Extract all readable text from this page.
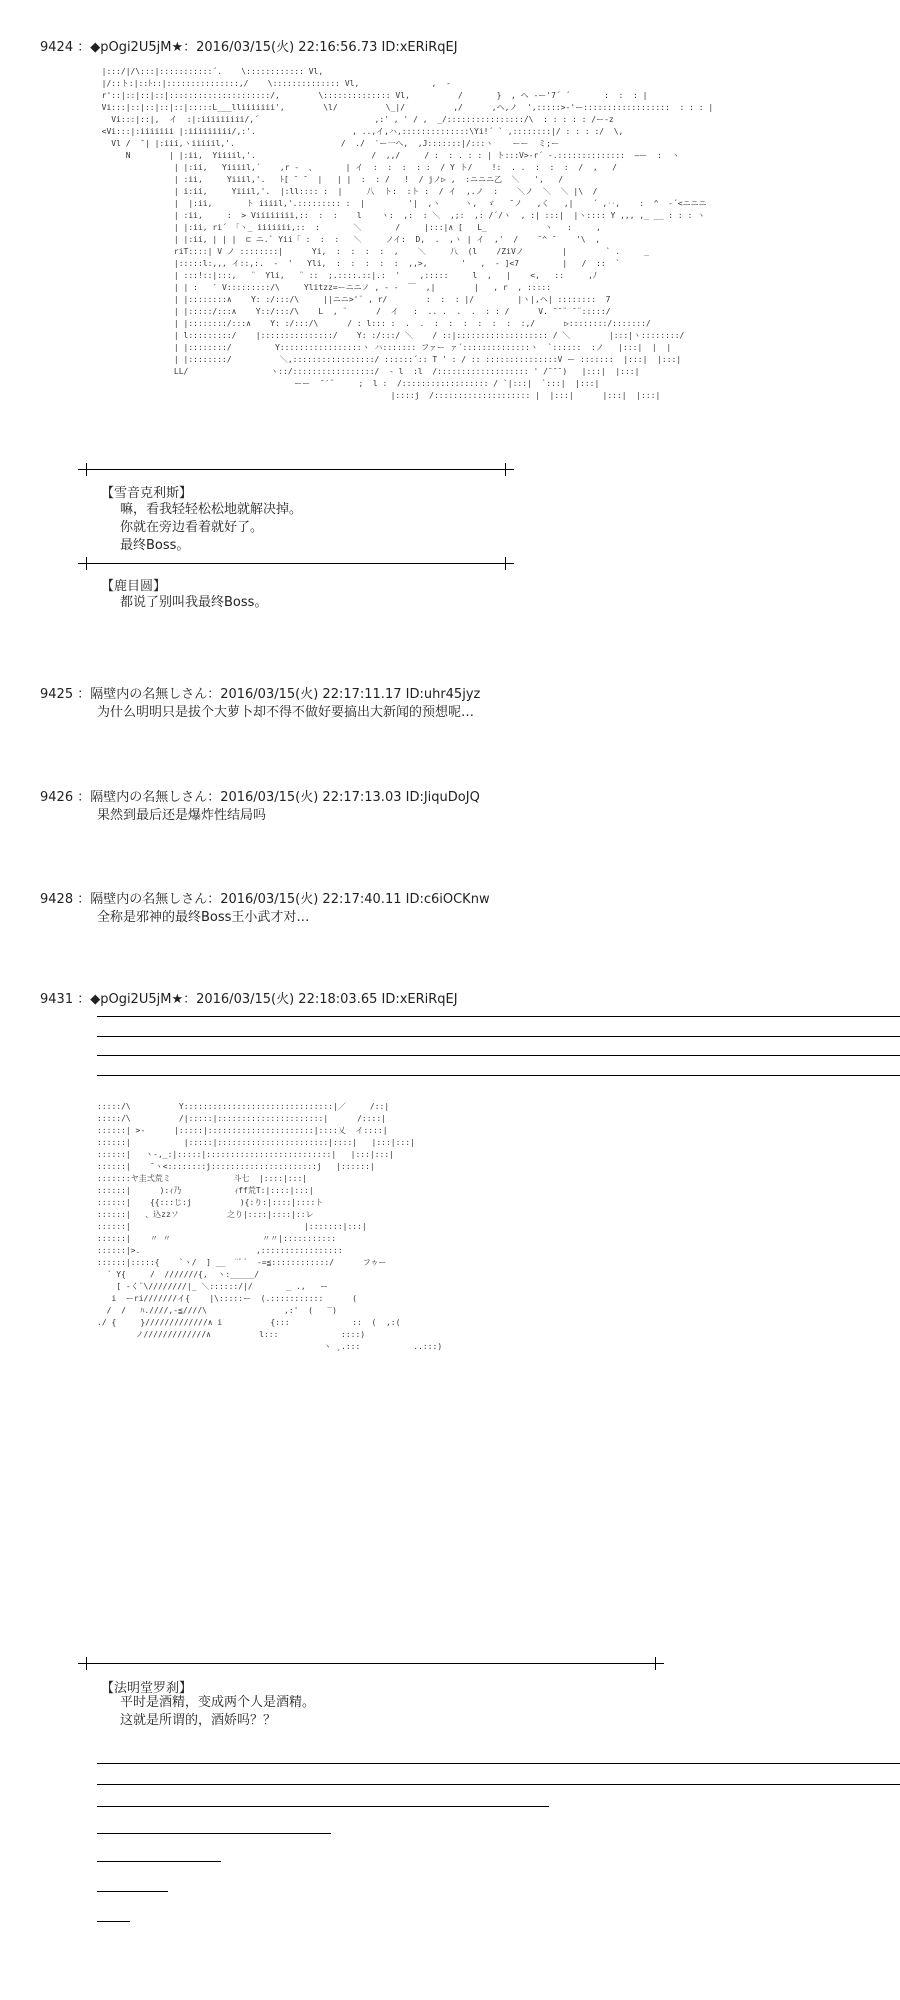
9424 ：◆pOgi2U5jM★：2016/03/15(火) 22:16:56.73 ID:xERiRqEJ
|:::/|/\:::|:::::::::::´.    \:::::::::::: Vl,
|/::ト:|::ﾄ::|:::::::::::::::,/    \:::::::::::::: Vl,               ,  -
r'::|::|::|::|:::::::::::::::::::::/,        \:::::::::::::: Vl,          /       }  , ヘ -ー'7´ ´       :  :  : |
Vi:::|::|::|::|::|:::::L___lliiiiiii',        \l/          \_|/          ,/      ,ヘ,ノ  ',:::::>-'ー::::::::::::::::::  : : : |
Vi:::|::|,  イ  :|:iiiiiiiii/,´                        ,:' , ' / ,  _/::::::::::::::::/\  : : : : : /ー-z
<Vi:::|:iiiiiii |:iiiiiiiii/,:'.                    , ..,イ,ハ,::::::::::::::\Yi!´ ` ,::::::::|/ : : : :/  \,
Vl /  ̄ | |:iii,ヽiiiiil,'.                      /  ./  ′ー一ヘ,  ,J:::::::|/:::ヽ    ーー  ミ;ー
N        | |:ii,  Yiiiil,'.                        /  ,,/     / :  : . : : | ト:::V>-r´ -.::::::::::::::  ―ー  :  ヽ
| |:ii,   Yiiiil,´    ,r -  、      | イ  :  :  :  : :  / Y ト/    !:  . .  :  :  :  /  ,   /
| :ii,     Yiiil,'.   ﾄ[ ¯ ¯  |   | |  :  : /   !  / jノ▷ ,  :ニニニ乙  ＼   ',   /
| i:ii,     Yiiil,'.  |:ll:::: :  |     八  ト:  :ト :  / イ  ,.ノ  :    ＼ノ  ＼  ＼ |\  /
|  |:ii,       ト iiiil,'.::::::::: :  |         '|  ,ヽ     ヽ,  ゞ   ̄ ノ   ,く   ,|    ´ ,‥,    :  ^  -´<ニニニ
| :ii,     :  > Viiiiiiii,::  :  :    l    ヽ:  ,:  : ＼  ,;:  ,: /´/ヽ  , :| :::|  |ヽ:::: Y ,,, ,_ __ : : : ヽ
| |:ii, ri´ 「ヽ_ iiiiiii,::  :       ＼       /     |:::|∧ [   L_            ヽ   :     ,
| |:ii, | | |  ⊏ ニ.` Yii「 :  :  :   ＼     ノイ:  D,  .  ,ヽ | イ  ,'  /    ¯^ ¯    '\  ,
riT::::| V ノ ::::::::|      Yi,  :  :  :  :  ,    ＼     八  (l    /ZiVノ        |        ` .     _
|:::::l:,,, イ::,:.  -  '   Yli,  :  :  :  :  :  ,,>,       '   ,  - ]<7         |   /  ::  `
| :::!::|:::,   ¨  Yli,   ¨ ::  ;.::::.::|.:  '    ,:::::     l  ,   |    <,   ::     ,ﾉ
| | :   ′ V:::::::::/\     Ylitzz=ーニニノ , - -  ￣  ,|        |   , r  , :::::
| |::::::::∧    Y: :/:::/\     ||ニニ>'¨ , r/        :  :  : |/         |ヽ|,ヘ| ::::::::  7
| |:::::/:::∧    Y::/:::/\    L  , ¨      /  イ   :  .. .  .  .  : : /      V. ̄ ̄ ¨ ̄ ¨:::::/
| |::::::::/:::∧    Y: :/:::/\      / : l::: :  .  .  :  :  :  :  :  :  :,/      ▷::::::::/:::::::/
| l:::::::::/    |:::::::::::::::/    Y: :/:::/ ＼    / ::|::::::::::::::::::: / ＼        |:::|ヽ::::::::/
| |::::::::/         Y:::::::::::::::::ヽ ハ::::::: ファー ァ´::::::::::::::ヽ  `::::::  :ノ   |:::|  |  |
| |::::::::/          ＼,:::::::::::::::::/ ::::::´:: Т ' : / :: :::::::::::::::V ー :::::::  |:::|  |:::|
LL/                 ヽ::/:::::::::::::::::/  - l  :l  /::::::::::::::::::: ' /¯¯¯)   |:::|  |:::|
ーー  ¯′¨     ;  l :  /:::::::::::::::::: / `|:::|  `:::|  |:::|
|::::j  /:::::::::::::::::::: |  |:::|      |:::|  |:::|
【雪音克利斯】
嘛，看我轻轻松松地就解决掉。
你就在旁边看着就好了。
最终Boss。
【鹿目圆】
都说了别叫我最终Boss。
9425 ：隔壁内の名無しさん：2016/03/15(火) 22:17:11.17 ID:uhr45jyz
为什么明明只是拔个大萝卜却不得不做好要搞出大新闻的预想呢…
9426 ：隔壁内の名無しさん：2016/03/15(火) 22:17:13.03 ID:JiquDoJQ
果然到最后还是爆炸性结局吗
9428 ：隔壁内の名無しさん：2016/03/15(火) 22:17:40.11 ID:c6iOCKnw
全称是邪神的最终Boss王小武才对…
9431 ：◆pOgi2U5jM★：2016/03/15(火) 22:18:03.65 ID:xERiRqEJ
:::::/\          Y:::::::::::::::::::::::::::::::|／     /::|
:::::/\          /|:::::|::::::::::::::::::::::|      /::::|
::::::| >-      |:::::|::::::::::::::::::::::|::::乂  イ::::|
::::::|           |:::::|:::::::::::::::::::::::|::::|   |:::|:::|
::::::|   ヽ-,_:|:::::|::::::::::::::::::::::::::|   |:::|:::|
::::::|    ¯ヽ<::::::::j::::::::::::::::::::::j   |::::::|
:::::::ヤ圭弍荒ミ             斗七  |::::|:::|
::::::|      ):ｨ乃           ｨff荒T:|::::|:::|
::::::|    {{:::じ:j          ){:り:|::::|::::ト
::::::|   、込zzソ          之り|::::|::::|::レ
::::::|                                    |:::::::|:::|
::::::|    〃 〃                   〃〃|:::::::::::
::::::|>.                        ,:::::::::::::::::
::::::|:::::{    `ヽ/  ] __  ¨ﾟ´  -=≦::::::::::::/      フゥー
´ Y{     /  ///////{,  ヽ:_____/
[ -く¨\////////|_ ＼::::::/|/       _ .,   ー
i  ーri///////イ{    |\:::::ー  (.:::::::::::      (
/  /   ﾊ.////,-≦////\                ,:'  (   ‾)
./ {     }/////////////∧ i          {:::             ::  (  ,:(
ノ/////////////∧          l:::             ::::)
ヽ ¸.:::           ..:::)
【法明堂罗刹】
平时是酒精，变成两个人是酒精。
这就是所谓的，酒娇吗？？
